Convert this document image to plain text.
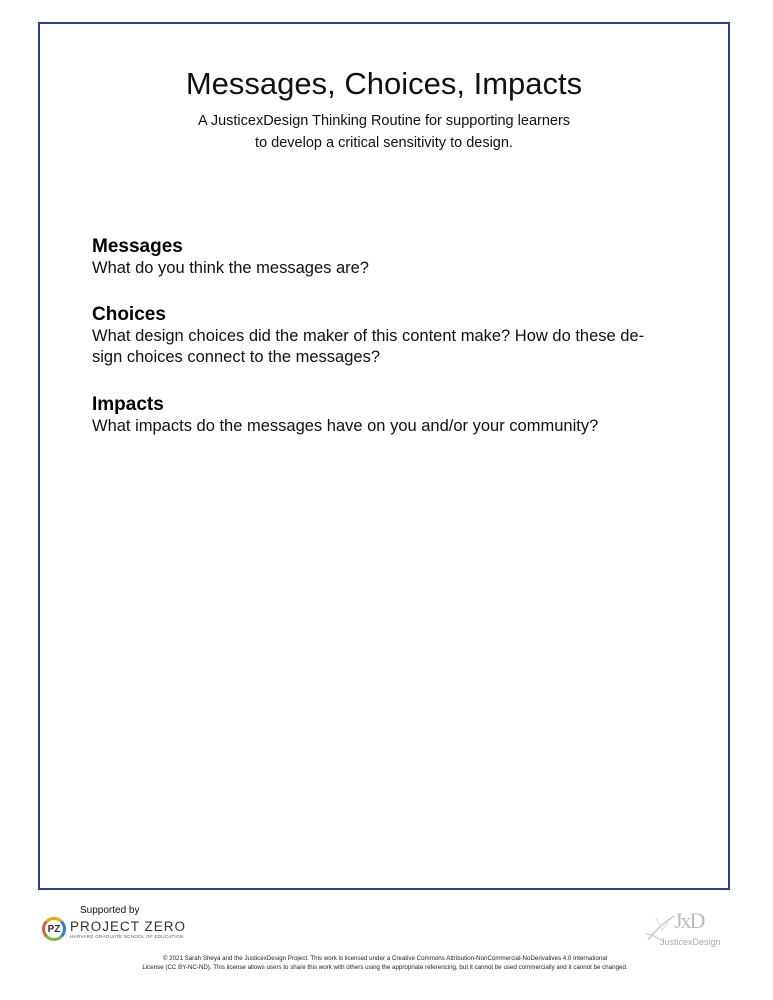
Messages, Choices, Impacts
A JusticexDesign Thinking Routine for supporting learners
to develop a critical sensitivity to design.
Messages

What do you think the messages are?

Choices

What design choices did the maker of this content make? How do these de-
sign choices connect to the messages?

Impacts

What impacts do the messages have on you and/or your community?

Supported by
PZ PROJECT ZERO
HARVARD GRADUATE SCHOOL OF EDUCATION
JxD
JusticexDesign
© 2021 Sarah Sheya and the JusticexDesign Project. This work is licensed under a Creative Commons Attribution-NonCommercial-NoDerivatives 4.0 International
License (CC BY-NC-ND). This license allows users to share this work with others using the appropriate referencing, but it cannot be used commercially and it cannot be changed.
